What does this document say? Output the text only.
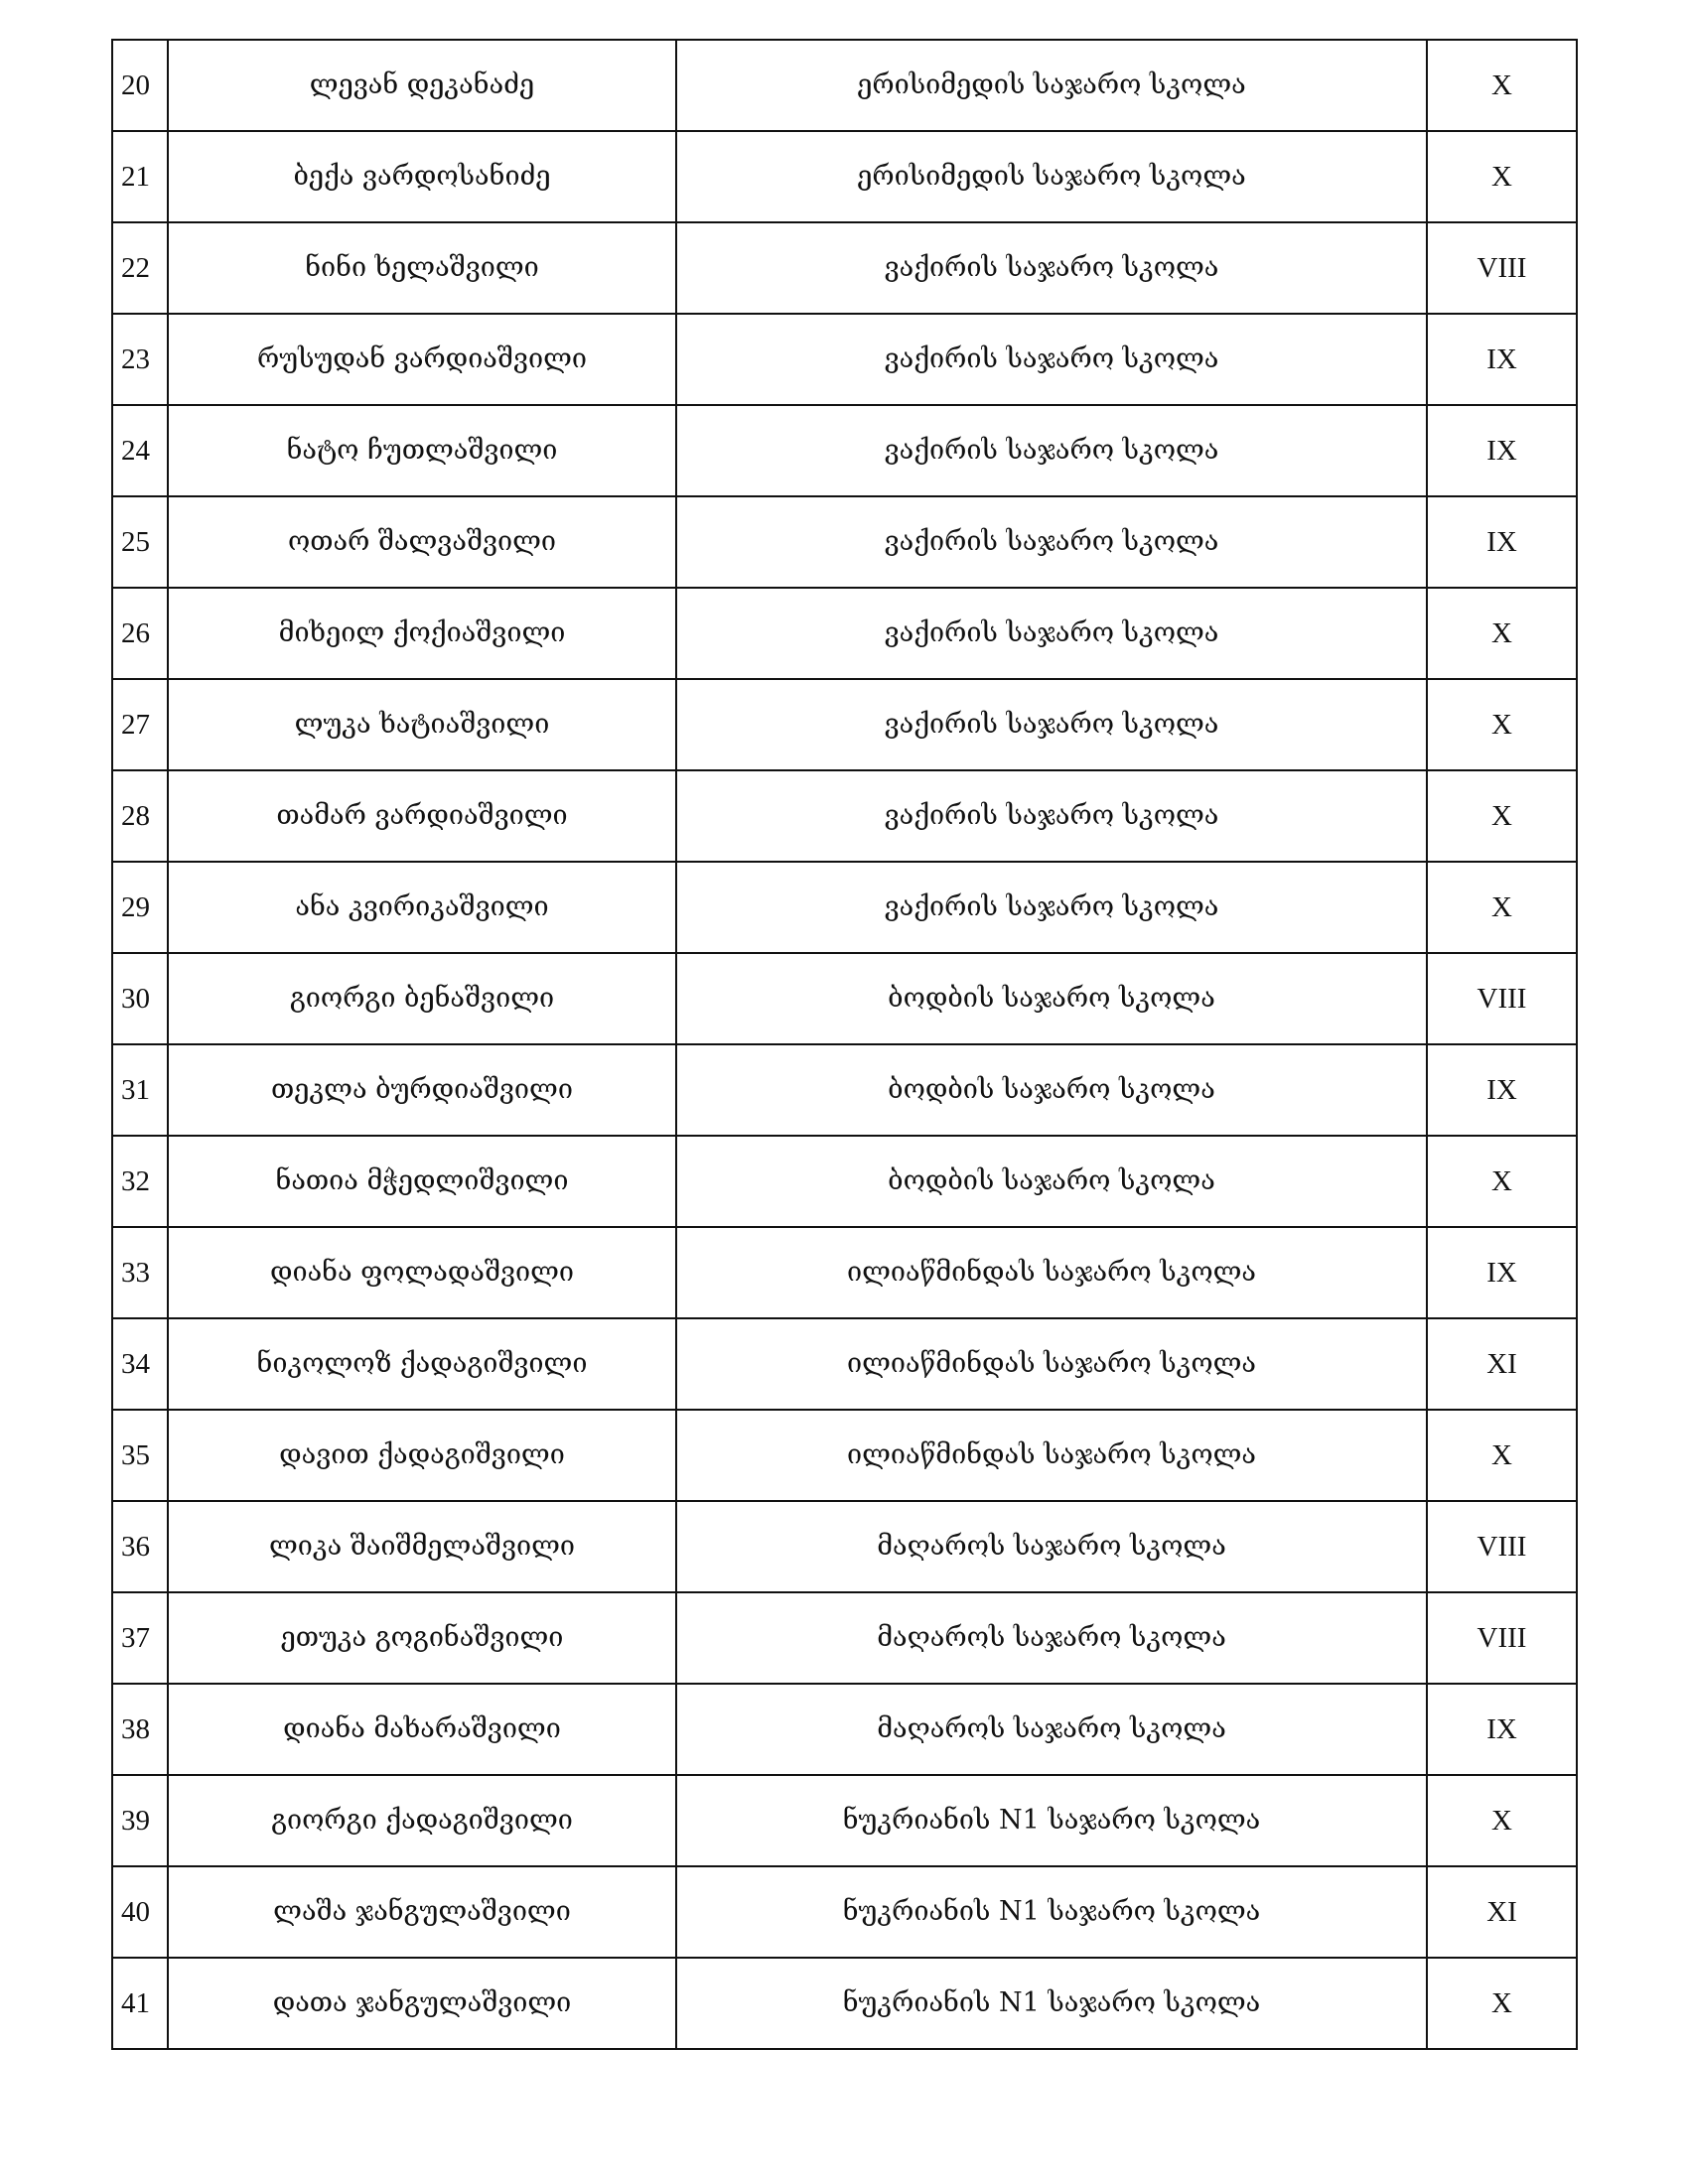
20	ლევან დეკანაძე	ერისიმედის საჯარო სკოლა	X
21	ბექა ვარდოსანიძე	ერისიმედის საჯარო სკოლა	X
22	ნინი ხელაშვილი	ვაქირის საჯარო სკოლა	VIII
23	რუსუდან ვარდიაშვილი	ვაქირის საჯარო სკოლა	IX
24	ნატო ჩუთლაშვილი	ვაქირის საჯარო სკოლა	IX
25	ოთარ შალვაშვილი	ვაქირის საჯარო სკოლა	IX
26	მიხეილ ქოქიაშვილი	ვაქირის საჯარო სკოლა	X
27	ლუკა ხატიაშვილი	ვაქირის საჯარო სკოლა	X
28	თამარ ვარდიაშვილი	ვაქირის საჯარო სკოლა	X
29	ანა კვირიკაშვილი	ვაქირის საჯარო სკოლა	X
30	გიორგი ბენაშვილი	ბოდბის საჯარო სკოლა	VIII
31	თეკლა ბურდიაშვილი	ბოდბის საჯარო სკოლა	IX
32	ნათია მჭედლიშვილი	ბოდბის საჯარო სკოლა	X
33	დიანა ფოლადაშვილი	ილიაწმინდას საჯარო სკოლა	IX
34	ნიკოლოზ ქადაგიშვილი	ილიაწმინდას საჯარო სკოლა	XI
35	დავით ქადაგიშვილი	ილიაწმინდას საჯარო სკოლა	X
36	ლიკა შაიშმელაშვილი	მაღაროს საჯარო სკოლა	VIII
37	ეთუკა გოგინაშვილი	მაღაროს საჯარო სკოლა	VIII
38	დიანა მახარაშვილი	მაღაროს საჯარო სკოლა	IX
39	გიორგი ქადაგიშვილი	ნუკრიანის N1 საჯარო სკოლა	X
40	ლაშა ჯანგულაშვილი	ნუკრიანის N1 საჯარო სკოლა	XI
41	დათა ჯანგულაშვილი	ნუკრიანის N1 საჯარო სკოლა	X
